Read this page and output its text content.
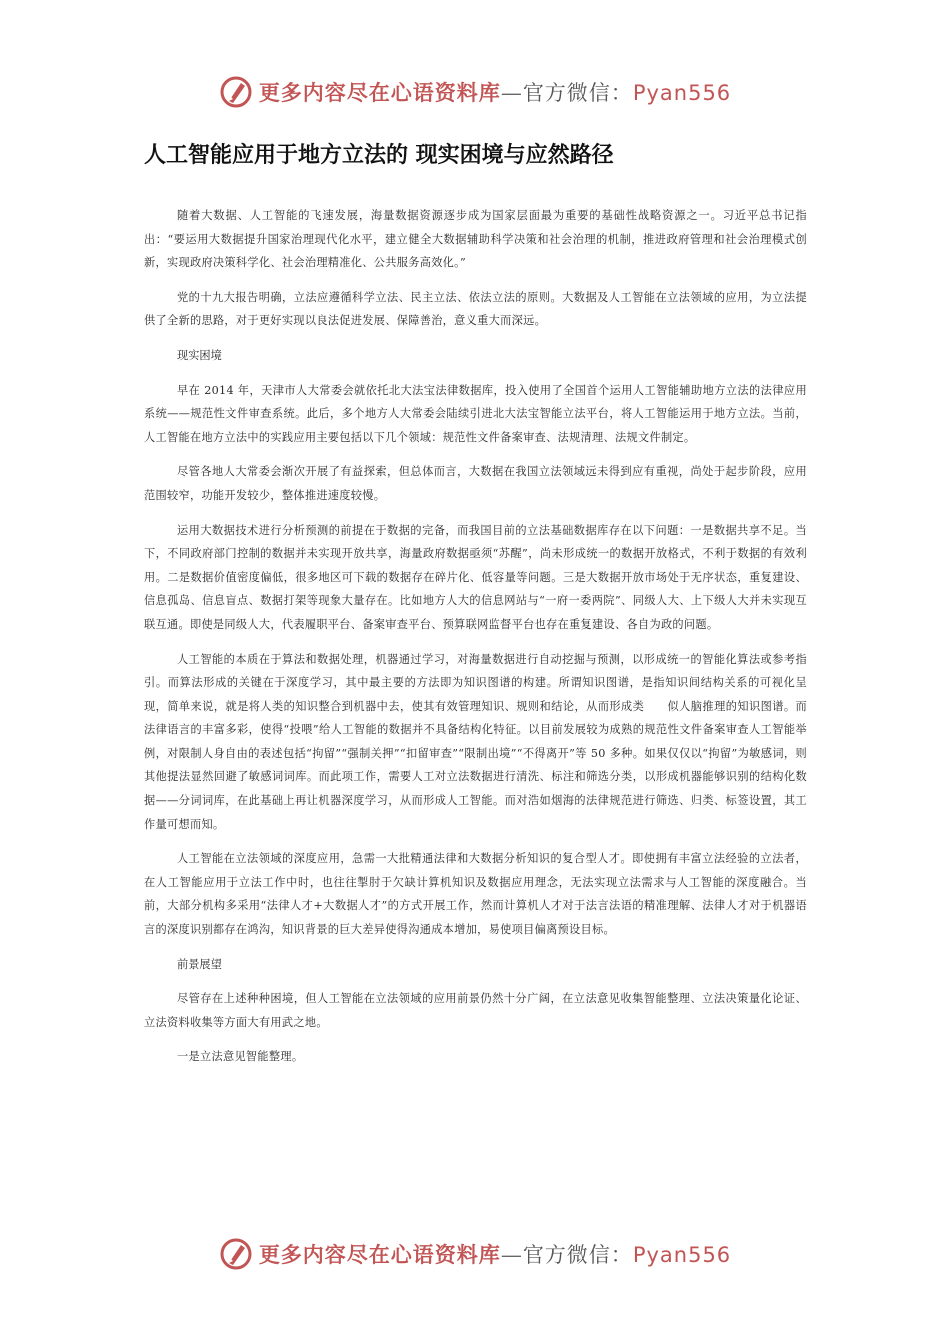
更多内容尽在心语资料库—官方微信：Pyan556
人工智能应用于地方立法的 现实困境与应然路径

随着大数据、人工智能的飞速发展，海量数据资源逐步成为国家层面最为重要的基础性战略资源之一。习近平总书记指出：“要运用大数据提升国家治理现代化水平，建立健全大数据辅助科学决策和社会治理的机制，推进政府管理和社会治理模式创新，实现政府决策科学化、社会治理精准化、公共服务高效化。”

党的十九大报告明确，立法应遵循科学立法、民主立法、依法立法的原则。大数据及人工智能在立法领域的应用，为立法提供了全新的思路，对于更好实现以良法促进发展、保障善治，意义重大而深远。

现实困境

早在 2014 年，天津市人大常委会就依托北大法宝法律数据库，投入使用了全国首个运用人工智能辅助地方立法的法律应用系统——规范性文件审查系统。此后，多个地方人大常委会陆续引进北大法宝智能立法平台，将人工智能运用于地方立法。当前，人工智能在地方立法中的实践应用主要包括以下几个领域：规范性文件备案审查、法规清理、法规文件制定。

尽管各地人大常委会渐次开展了有益探索，但总体而言，大数据在我国立法领域远未得到应有重视，尚处于起步阶段，应用范围较窄，功能开发较少，整体推进速度较慢。

运用大数据技术进行分析预测的前提在于数据的完备，而我国目前的立法基础数据库存在以下问题：一是数据共享不足。当下，不同政府部门控制的数据并未实现开放共享，海量政府数据亟须“苏醒”，尚未形成统一的数据开放格式，不利于数据的有效利用。二是数据价值密度偏低，很多地区可下载的数据存在碎片化、低容量等问题。三是大数据开放市场处于无序状态，重复建设、信息孤岛、信息盲点、数据打架等现象大量存在。比如地方人大的信息网站与“一府一委两院”、同级人大、上下级人大并未实现互联互通。即使是同级人大，代表履职平台、备案审查平台、预算联网监督平台也存在重复建设、各自为政的问题。

人工智能的本质在于算法和数据处理，机器通过学习，对海量数据进行自动挖掘与预测，以形成统一的智能化算法或参考指引。而算法形成的关键在于深度学习，其中最主要的方法即为知识图谱的构建。所谓知识图谱，是指知识间结构关系的可视化呈现，简单来说，就是将人类的知识整合到机器中去，使其有效管理知识、规则和结论，从而形成类　　似人脑推理的知识图谱。而法律语言的丰富多彩，使得“投喂”给人工智能的数据并不具备结构化特征。以目前发展较为成熟的规范性文件备案审查人工智能举例，对限制人身自由的表述包括“拘留”“强制关押”“扣留审查”“限制出境”“不得离开”等 50 多种。如果仅仅以“拘留”为敏感词，则其他提法显然回避了敏感词词库。而此项工作，需要人工对立法数据进行清洗、标注和筛选分类，以形成机器能够识别的结构化数据——分词词库，在此基础上再让机器深度学习，从而形成人工智能。而对浩如烟海的法律规范进行筛选、归类、标签设置，其工作量可想而知。

人工智能在立法领域的深度应用，急需一大批精通法律和大数据分析知识的复合型人才。即使拥有丰富立法经验的立法者，在人工智能应用于立法工作中时，也往往掣肘于欠缺计算机知识及数据应用理念，无法实现立法需求与人工智能的深度融合。当前，大部分机构多采用“法律人才+大数据人才”的方式开展工作，然而计算机人才对于法言法语的精准理解、法律人才对于机器语言的深度识别都存在鸿沟，知识背景的巨大差异使得沟通成本增加，易使项目偏离预设目标。

前景展望

尽管存在上述种种困境，但人工智能在立法领域的应用前景仍然十分广阔，在立法意见收集智能整理、立法决策量化论证、立法资料收集等方面大有用武之地。

一是立法意见智能整理。

更多内容尽在心语资料库—官方微信：Pyan556
